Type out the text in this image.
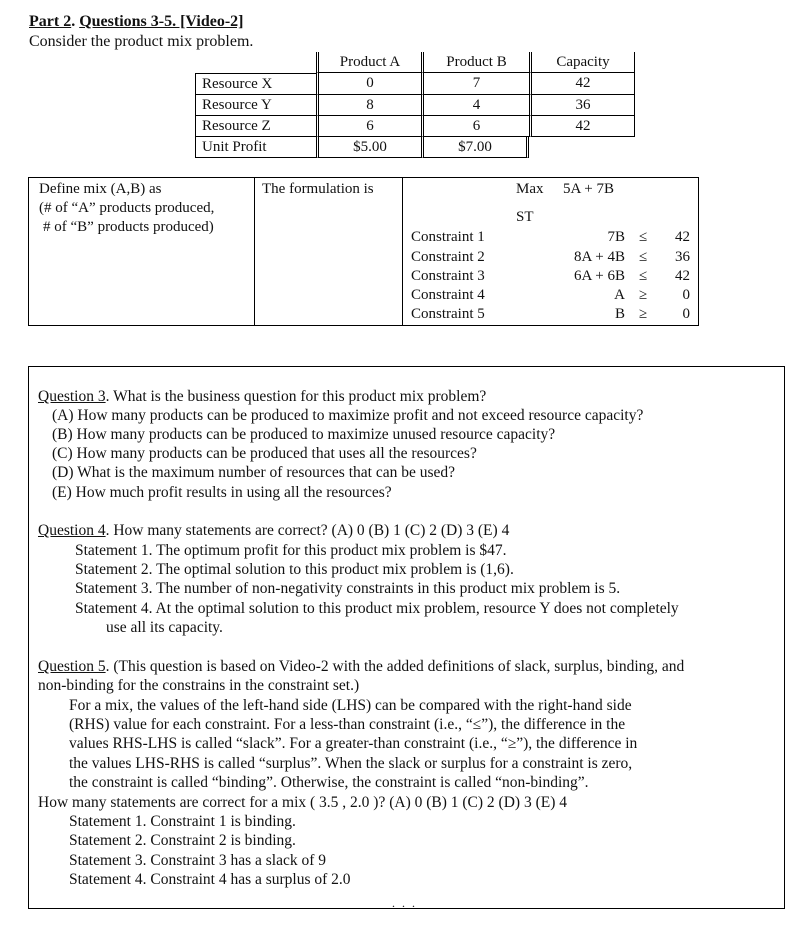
Part 2. Questions 3-5. [Video-2]
Consider the product mix problem.
	Product A	Product B	Capacity
Resource X	0	7	42
Resource Y	8	4	36
Resource Z	6	6	42
Unit Profit	$5.00	$7.00	
Define mix (A,B) as
(# of “A” products produced,
# of “B” products produced)
The formulation is	Max 5A + 7B
ST
Constraint 1	7B ≤ 42
Constraint 2	8A + 4B ≤ 36
Constraint 3	6A + 6B ≤ 42
Constraint 4	A ≥ 0
Constraint 5	B ≥ 0
Question 3. What is the business question for this product mix problem?
(A) How many products can be produced to maximize profit and not exceed resource capacity?
(B) How many products can be produced to maximize unused resource capacity?
(C) How many products can be produced that uses all the resources?
(D) What is the maximum number of resources that can be used?
(E) How much profit results in using all the resources?
Question 4. How many statements are correct? (A) 0 (B) 1 (C) 2 (D) 3 (E) 4
Statement 1. The optimum profit for this product mix problem is $47.
Statement 2. The optimal solution to this product mix problem is (1,6).
Statement 3. The number of non-negativity constraints in this product mix problem is 5.
Statement 4. At the optimal solution to this product mix problem, resource Y does not completely
use all its capacity.
Question 5. (This question is based on Video-2 with the added definitions of slack, surplus, binding, and
non-binding for the constrains in the constraint set.)
For a mix, the values of the left-hand side (LHS) can be compared with the right-hand side
(RHS) value for each constraint. For a less-than constraint (i.e., “≤”), the difference in the
values RHS-LHS is called “slack”. For a greater-than constraint (i.e., “≥”), the difference in
the values LHS-RHS is called “surplus”. When the slack or surplus for a constraint is zero,
the constraint is called “binding”. Otherwise, the constraint is called “non-binding”.
How many statements are correct for a mix ( 3.5 , 2.0 )? (A) 0 (B) 1 (C) 2 (D) 3 (E) 4
Statement 1. Constraint 1 is binding.
Statement 2. Constraint 2 is binding.
Statement 3. Constraint 3 has a slack of 9
Statement 4. Constraint 4 has a surplus of 2.0
. . .
